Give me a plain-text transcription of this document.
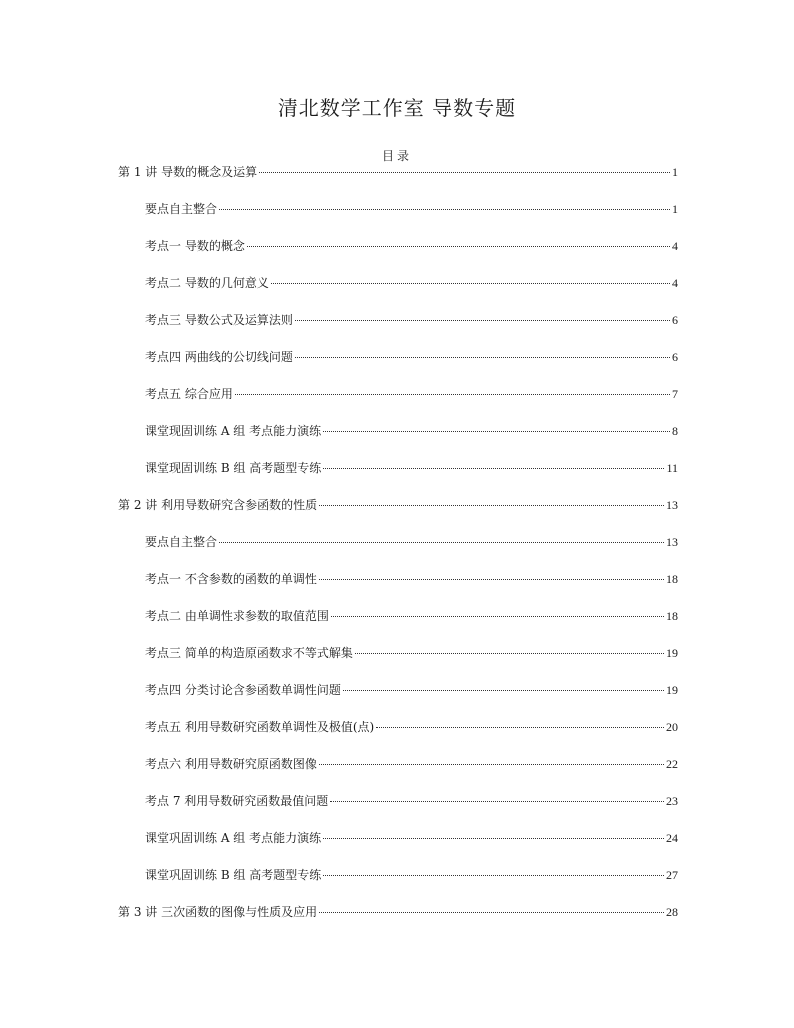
清北数学工作室 导数专题
目录
第 1 讲 导数的概念及运算	1
要点自主整合	1
考点一 导数的概念	4
考点二 导数的几何意义	4
考点三 导数公式及运算法则	6
考点四 两曲线的公切线问题	6
考点五 综合应用	7
课堂现固训练 A 组 考点能力演练	8
课堂现固训练 B 组 高考题型专练	11
第 2 讲 利用导数研究含参函数的性质	13
要点自主整合	13
考点一 不含参数的函数的单调性	18
考点二 由单调性求参数的取值范围	18
考点三 简单的构造原函数求不等式解集	19
考点四 分类讨论含参函数单调性问题	19
考点五 利用导数研究函数单调性及极值(点)	20
考点六 利用导数研究原函数图像	22
考点 7 利用导数研究函数最值问题	23
课堂巩固训练 A 组 考点能力演练	24
课堂巩固训练 B 组 高考题型专练	27
第 3 讲 三次函数的图像与性质及应用	28
